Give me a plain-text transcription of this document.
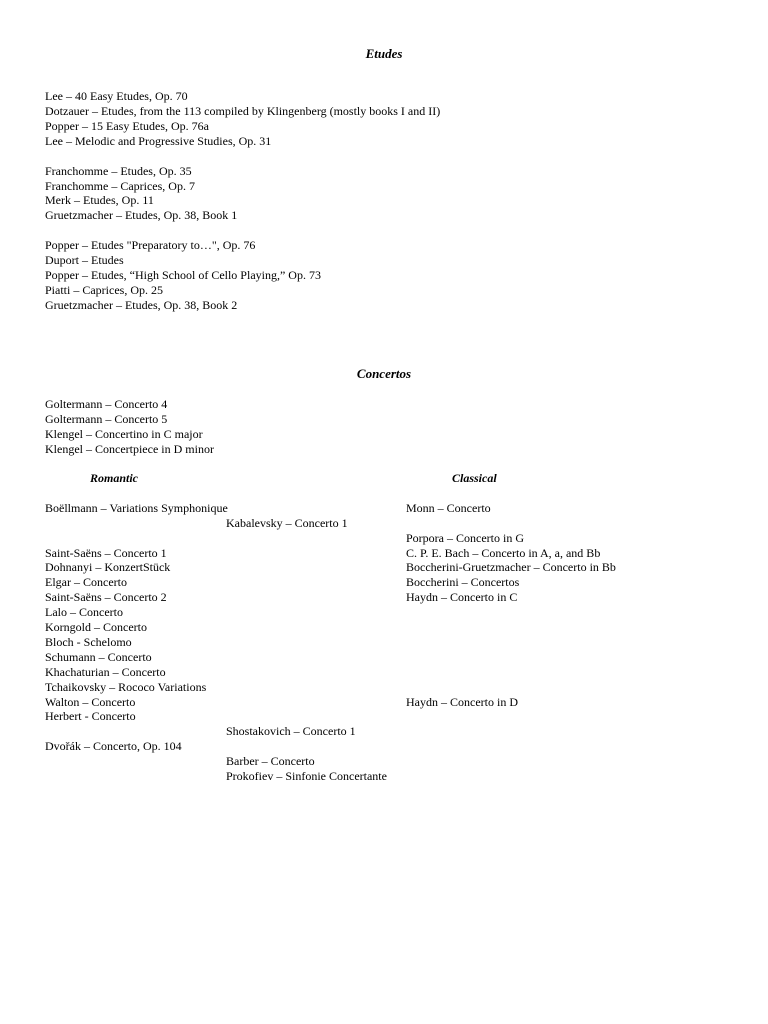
Etudes
Lee – 40 Easy Etudes, Op. 70
Dotzauer – Etudes, from the 113 compiled by Klingenberg (mostly books I and II)
Popper – 15 Easy Etudes, Op. 76a
Lee – Melodic and Progressive Studies, Op. 31
Franchomme – Etudes, Op. 35
Franchomme – Caprices, Op. 7
Merk – Etudes, Op. 11
Gruetzmacher – Etudes, Op. 38, Book 1
Popper – Etudes "Preparatory to…", Op. 76
Duport – Etudes
Popper – Etudes, “High School of Cello Playing,” Op. 73
Piatti – Caprices, Op. 25
Gruetzmacher – Etudes, Op. 38, Book 2
Concertos
Goltermann – Concerto 4
Goltermann – Concerto 5
Klengel – Concertino in C major
Klengel – Concertpiece in D minor
Romantic	Classical
Boëllmann – Variations Symphonique
Kabalevsky – Concerto 1
Saint-Saëns – Concerto 1
Dohnanyi – KonzertStück
Elgar – Concerto
Saint-Saëns – Concerto 2
Lalo – Concerto
Korngold – Concerto
Bloch - Schelomo
Schumann – Concerto
Khachaturian – Concerto
Tchaikovsky – Rococo Variations
Walton – Concerto
Herbert - Concerto
Shostakovich – Concerto 1
Dvořák – Concerto, Op. 104
Barber – Concerto
Prokofiev – Sinfonie Concertante
Monn – Concerto
Porpora – Concerto in G
C. P. E. Bach – Concerto in A, a, and Bb
Boccherini-Gruetzmacher – Concerto in Bb
Boccherini – Concertos
Haydn – Concerto in C
Haydn – Concerto in D
